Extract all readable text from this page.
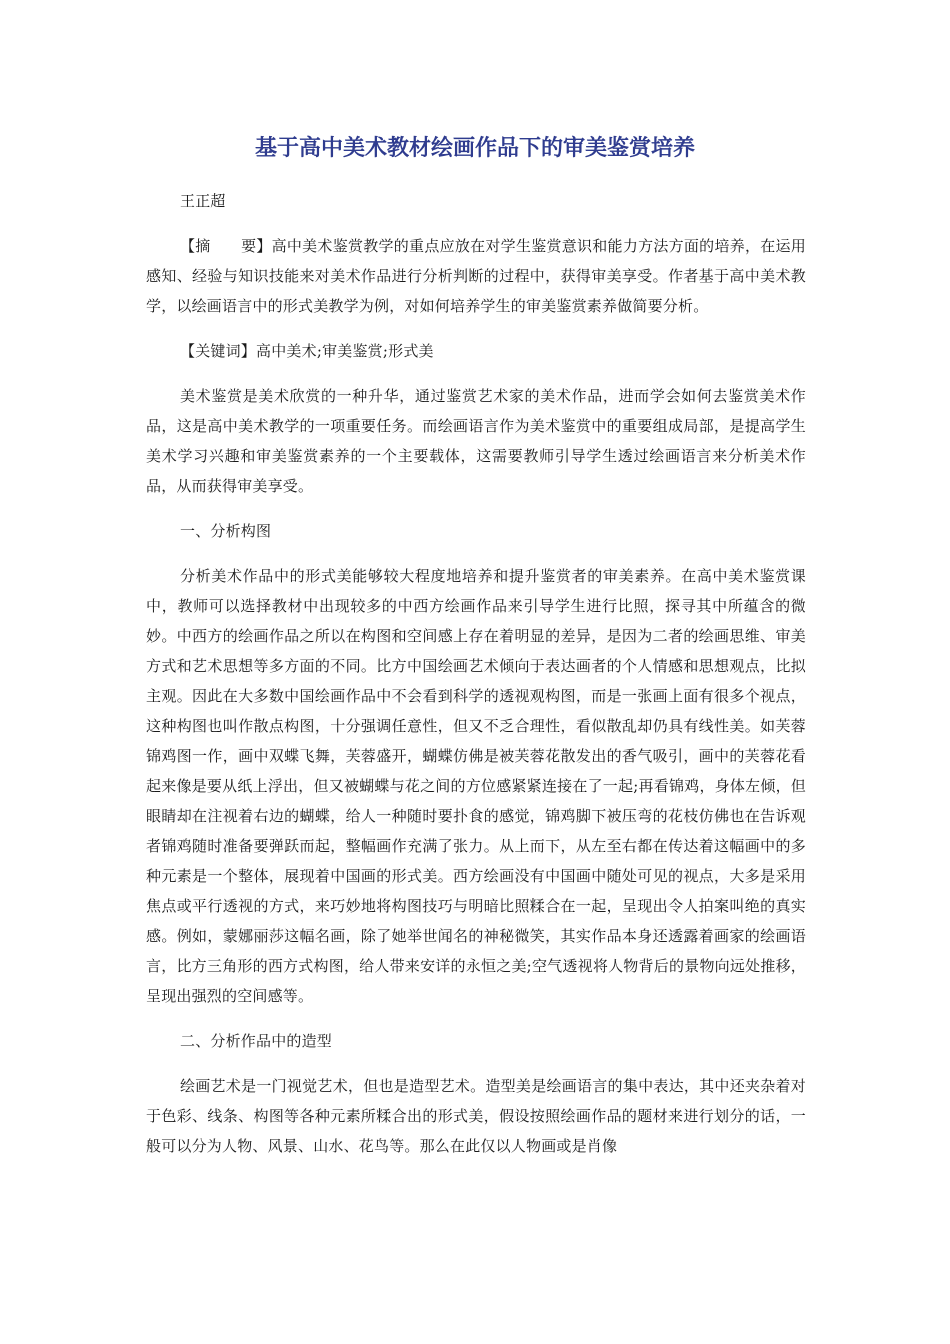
基于高中美术教材绘画作品下的审美鉴赏培养

王正超

【摘　　要】高中美术鉴赏教学的重点应放在对学生鉴赏意识和能力方法方面的培养，在运用感知、经验与知识技能来对美术作品进行分析判断的过程中，获得审美享受。作者基于高中美术教学，以绘画语言中的形式美教学为例，对如何培养学生的审美鉴赏素养做简要分析。

【关键词】高中美术;审美鉴赏;形式美

美术鉴赏是美术欣赏的一种升华，通过鉴赏艺术家的美术作品，进而学会如何去鉴赏美术作品，这是高中美术教学的一项重要任务。而绘画语言作为美术鉴赏中的重要组成局部，是提高学生美术学习兴趣和审美鉴赏素养的一个主要载体，这需要教师引导学生透过绘画语言来分析美术作品，从而获得审美享受。

一、分析构图

分析美术作品中的形式美能够较大程度地培养和提升鉴赏者的审美素养。在高中美术鉴赏课中，教师可以选择教材中出现较多的中西方绘画作品来引导学生进行比照，探寻其中所蕴含的微妙。中西方的绘画作品之所以在构图和空间感上存在着明显的差异，是因为二者的绘画思维、审美方式和艺术思想等多方面的不同。比方中国绘画艺术倾向于表达画者的个人情感和思想观点，比拟主观。因此在大多数中国绘画作品中不会看到科学的透视观构图，而是一张画上面有很多个视点，这种构图也叫作散点构图，十分强调任意性，但又不乏合理性，看似散乱却仍具有线性美。如芙蓉锦鸡图一作，画中双蝶飞舞，芙蓉盛开，蝴蝶仿佛是被芙蓉花散发出的香气吸引，画中的芙蓉花看起来像是要从纸上浮出，但又被蝴蝶与花之间的方位感紧紧连接在了一起;再看锦鸡，身体左倾，但眼睛却在注视着右边的蝴蝶，给人一种随时要扑食的感觉，锦鸡脚下被压弯的花枝仿佛也在告诉观者锦鸡随时准备要弹跃而起，整幅画作充满了张力。从上而下，从左至右都在传达着这幅画中的多种元素是一个整体，展现着中国画的形式美。西方绘画没有中国画中随处可见的视点，大多是采用焦点或平行透视的方式，来巧妙地将构图技巧与明暗比照糅合在一起，呈现出令人拍案叫绝的真实感。例如，蒙娜丽莎这幅名画，除了她举世闻名的神秘微笑，其实作品本身还透露着画家的绘画语言，比方三角形的西方式构图，给人带来安详的永恒之美;空气透视将人物背后的景物向远处推移，呈现出强烈的空间感等。

二、分析作品中的造型

绘画艺术是一门视觉艺术，但也是造型艺术。造型美是绘画语言的集中表达，其中还夹杂着对于色彩、线条、构图等各种元素所糅合出的形式美，假设按照绘画作品的题材来进行划分的话，一般可以分为人物、风景、山水、花鸟等。那么在此仅以人物画或是肖像
